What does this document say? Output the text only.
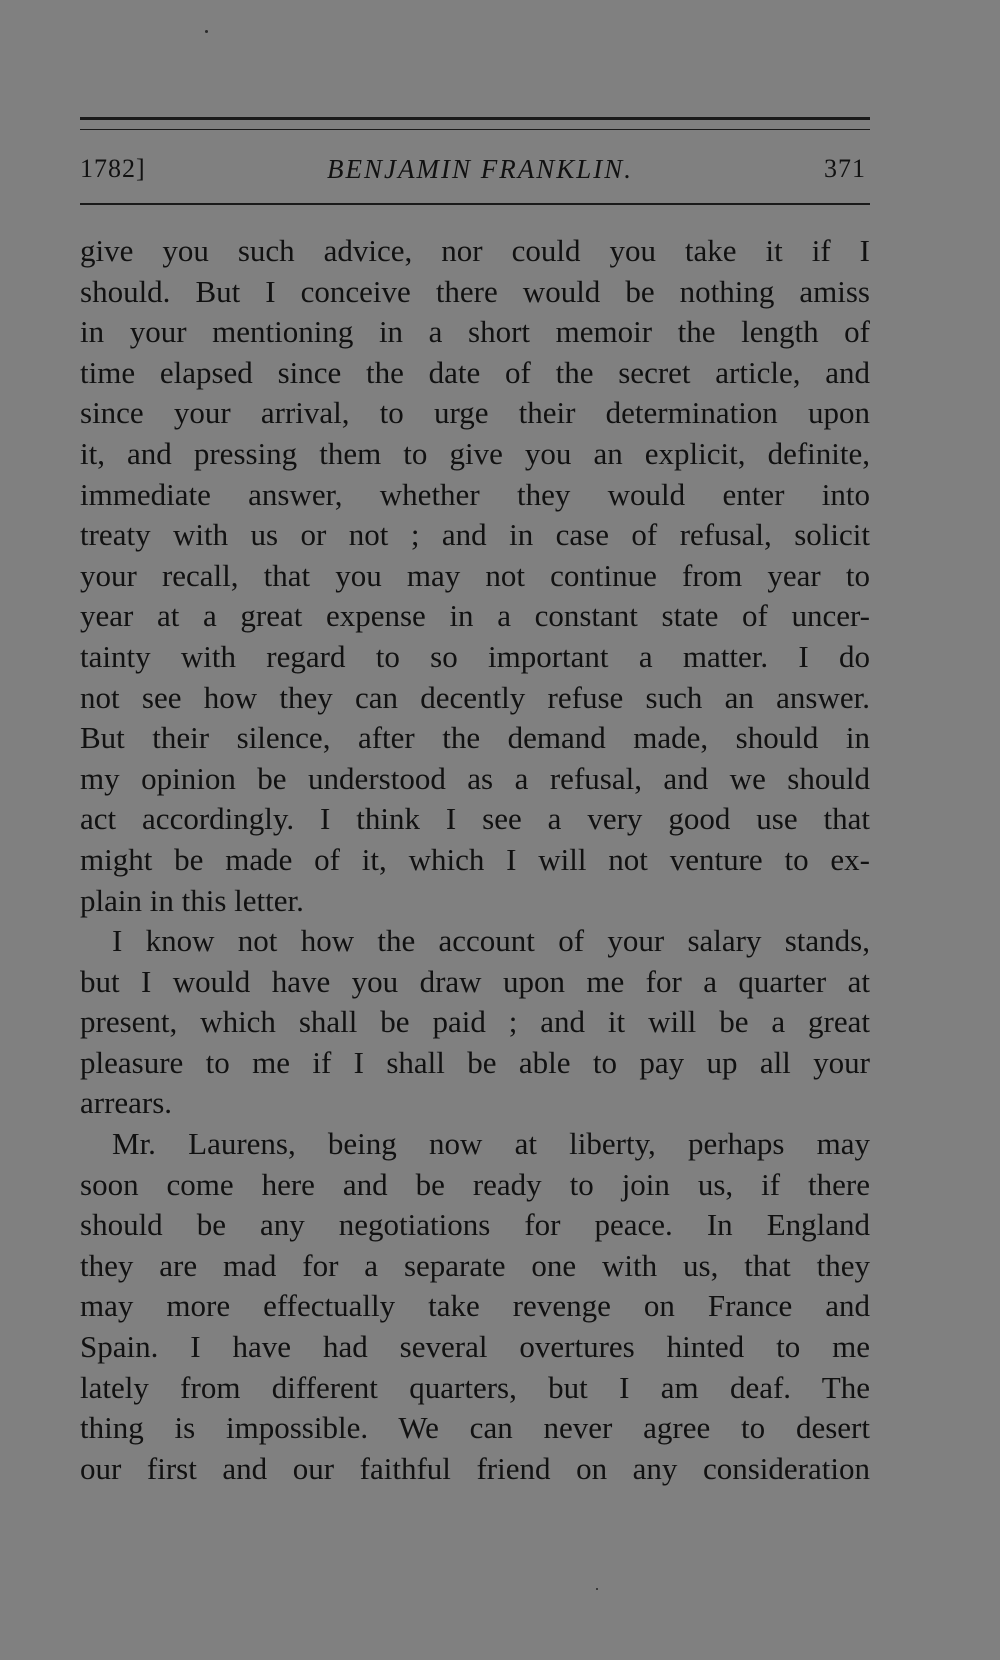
1782]	BENJAMIN FRANKLIN.	371
give you such advice, nor could you take it if I
should. But I conceive there would be nothing amiss
in your mentioning in a short memoir the length of
time elapsed since the date of the secret article, and
since your arrival, to urge their determination upon
it, and pressing them to give you an explicit, definite,
immediate answer, whether they would enter into
treaty with us or not ; and in case of refusal, solicit
your recall, that you may not continue from year to
year at a great expense in a constant state of uncer-
tainty with regard to so important a matter. I do
not see how they can decently refuse such an answer.
But their silence, after the demand made, should in
my opinion be understood as a refusal, and we should
act accordingly. I think I see a very good use that
might be made of it, which I will not venture to ex-
plain in this letter.
I know not how the account of your salary stands,
but I would have you draw upon me for a quarter at
present, which shall be paid ; and it will be a great
pleasure to me if I shall be able to pay up all your
arrears.
Mr. Laurens, being now at liberty, perhaps may
soon come here and be ready to join us, if there
should be any negotiations for peace. In England
they are mad for a separate one with us, that they
may more effectually take revenge on France and
Spain. I have had several overtures hinted to me
lately from different quarters, but I am deaf. The
thing is impossible. We can never agree to desert
our first and our faithful friend on any consideration
